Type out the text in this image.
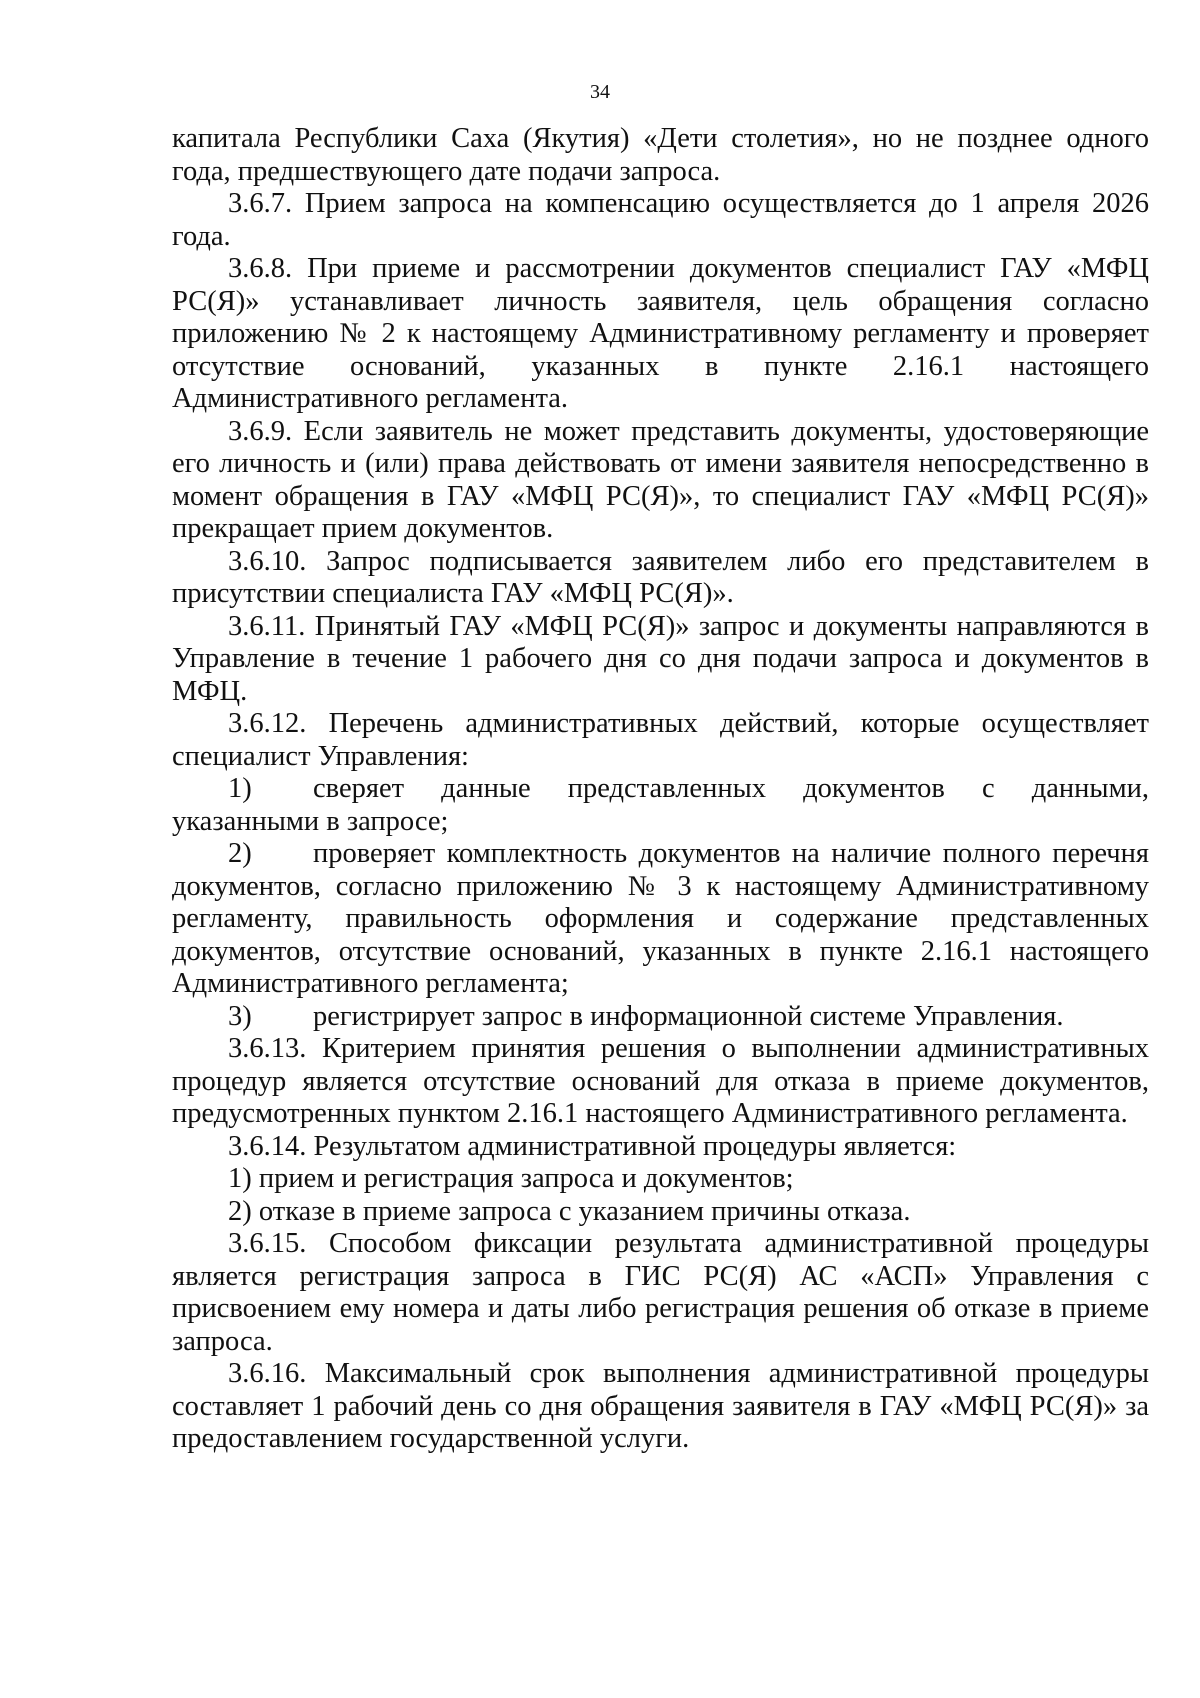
34

капитала Республики Саха (Якутия) «Дети столетия», но не позднее одного года, предшествующего дате подачи запроса.

3.6.7. Прием запроса на компенсацию осуществляется до 1 апреля 2026 года.

3.6.8. При приеме и рассмотрении документов специалист ГАУ «МФЦ РС(Я)» устанавливает личность заявителя, цель обращения согласно приложению № 2 к настоящему Административному регламенту и проверяет отсутствие оснований, указанных в пункте 2.16.1 настоящего Административного регламента.

3.6.9. Если заявитель не может представить документы, удостоверяющие его личность и (или) права действовать от имени заявителя непосредственно в момент обращения в ГАУ «МФЦ РС(Я)», то специалист ГАУ «МФЦ РС(Я)» прекращает прием документов.

3.6.10. Запрос подписывается заявителем либо его представителем в присутствии специалиста ГАУ «МФЦ РС(Я)».

3.6.11. Принятый ГАУ «МФЦ РС(Я)» запрос и документы направляются в Управление в течение 1 рабочего дня со дня подачи запроса и документов в МФЦ.

3.6.12. Перечень административных действий, которые осуществляет специалист Управления:

1) сверяет данные представленных документов с данными, указанными в запросе;

2) проверяет комплектность документов на наличие полного перечня документов, согласно приложению № 3 к настоящему Административному регламенту, правильность оформления и содержание представленных документов, отсутствие оснований, указанных в пункте 2.16.1 настоящего Административного регламента;

3) регистрирует запрос в информационной системе Управления.

3.6.13. Критерием принятия решения о выполнении административных процедур является отсутствие оснований для отказа в приеме документов, предусмотренных пунктом 2.16.1 настоящего Административного регламента.

3.6.14. Результатом административной процедуры является:

1) прием и регистрация запроса и документов;

2) отказе в приеме запроса с указанием причины отказа.

3.6.15. Способом фиксации результата административной процедуры является регистрация запроса в ГИС РС(Я) АС «АСП» Управления с присвоением ему номера и даты либо регистрация решения об отказе в приеме запроса.

3.6.16. Максимальный срок выполнения административной процедуры составляет 1 рабочий день со дня обращения заявителя в ГАУ «МФЦ РС(Я)» за предоставлением государственной услуги.
